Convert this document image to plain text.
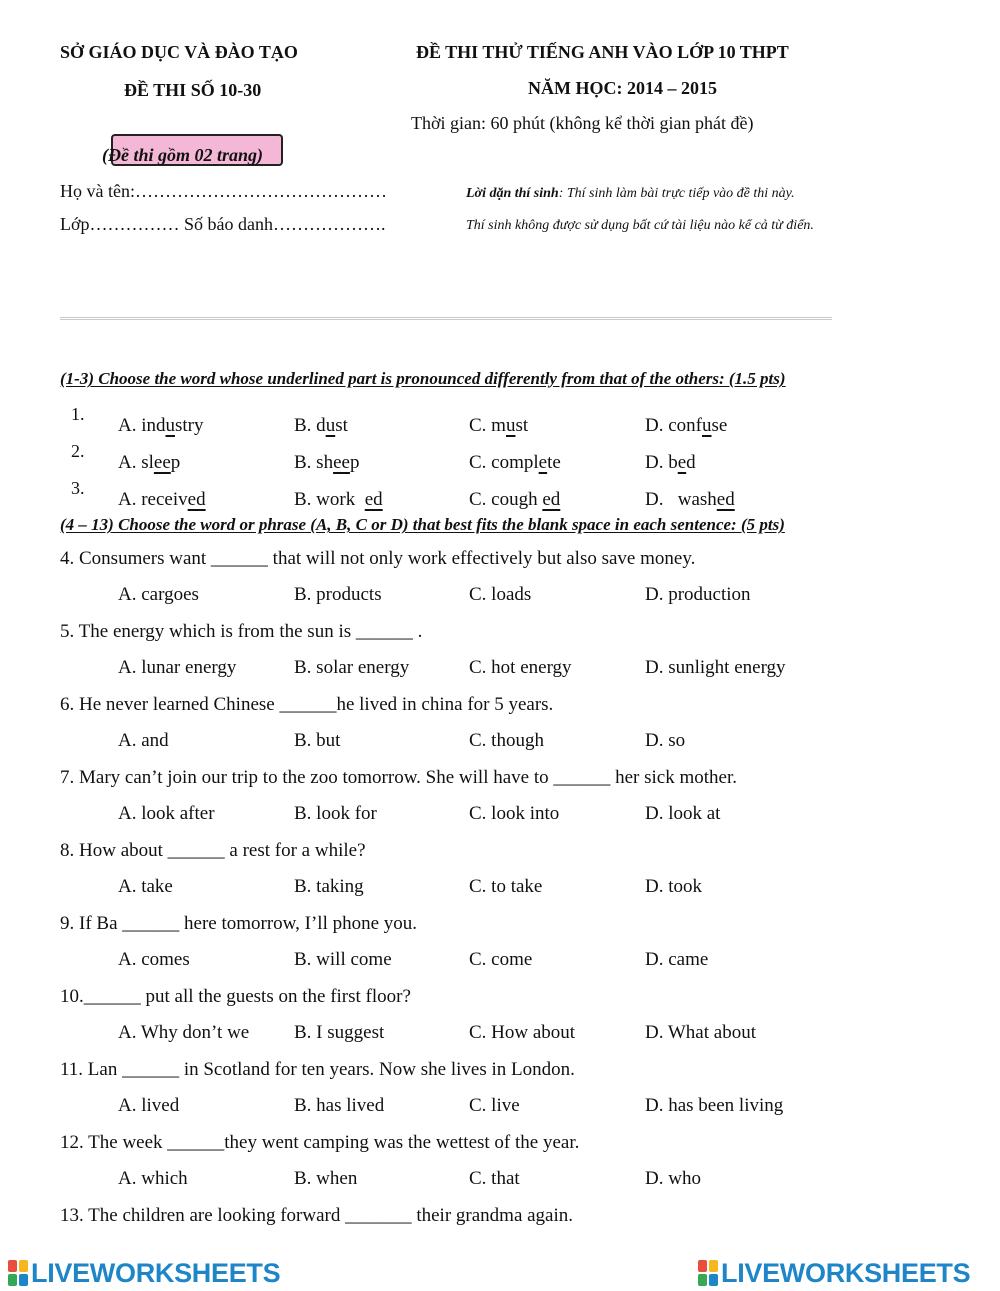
SỞ GIÁO DỤC VÀ ĐÀO TẠO
ĐỀ THI SỐ 10-30
ĐỀ THI THỬ TIẾNG ANH VÀO LỚP 10 THPT
NĂM HỌC: 2014 – 2015
Thời gian: 60 phút (không kể thời gian phát đề)
(Đề thi gồm 02 trang)
Họ và tên:……………………………………
Lớp…………… Số báo danh……………….
Lời dặn thí sinh: Thí sinh làm bài trực tiếp vào đề thi này.
Thí sinh không được sử dụng bất cứ tài liệu nào kể cả từ điển.
(1-3) Choose the word whose underlined part is pronounced differently from that of the others: (1.5 pts)
1.
A. industry	B. dust	C. must	D. confuse
2.
A. sleep	B. sheep	C. complete	D. bed
3.
A. received	B. work  ed	C. cough ed	D.   washed
(4 – 13) Choose the word or phrase (A, B, C or D) that best fits the blank space in each sentence: (5 pts)
4. Consumers want ______ that will not only work effectively but also save money.
A. cargoes	B. products	C. loads	D. production
5. The energy which is from the sun is ______ .
A. lunar energy	B. solar energy	C. hot energy	D. sunlight energy
6. He never learned Chinese ______he lived in china for 5 years.
A. and	B. but	C. though	D. so
7. Mary can’t join our trip to the zoo tomorrow. She will have to ______ her sick mother.
A. look after	B. look for	C. look into	D. look at
8. How about ______ a rest for a while?
A. take	B. taking	C. to take	D. took
9. If Ba ______ here tomorrow, I’ll phone you.
A. comes	B. will come	C. come	D. came
10.______ put all the guests on the first floor?
A. Why don’t we B. I suggest	C. How about	D. What about
11. Lan ______ in Scotland for ten years. Now she lives in London.
A. lived	B. has lived	C. live	D. has been living
12. The week ______they went camping was the wettest of the year.
A. which	B. when	C. that	D. who
13. The children are looking forward _______ their grandma again.
LIVEWORKSHEETS	LIVEWORKSHEETS
